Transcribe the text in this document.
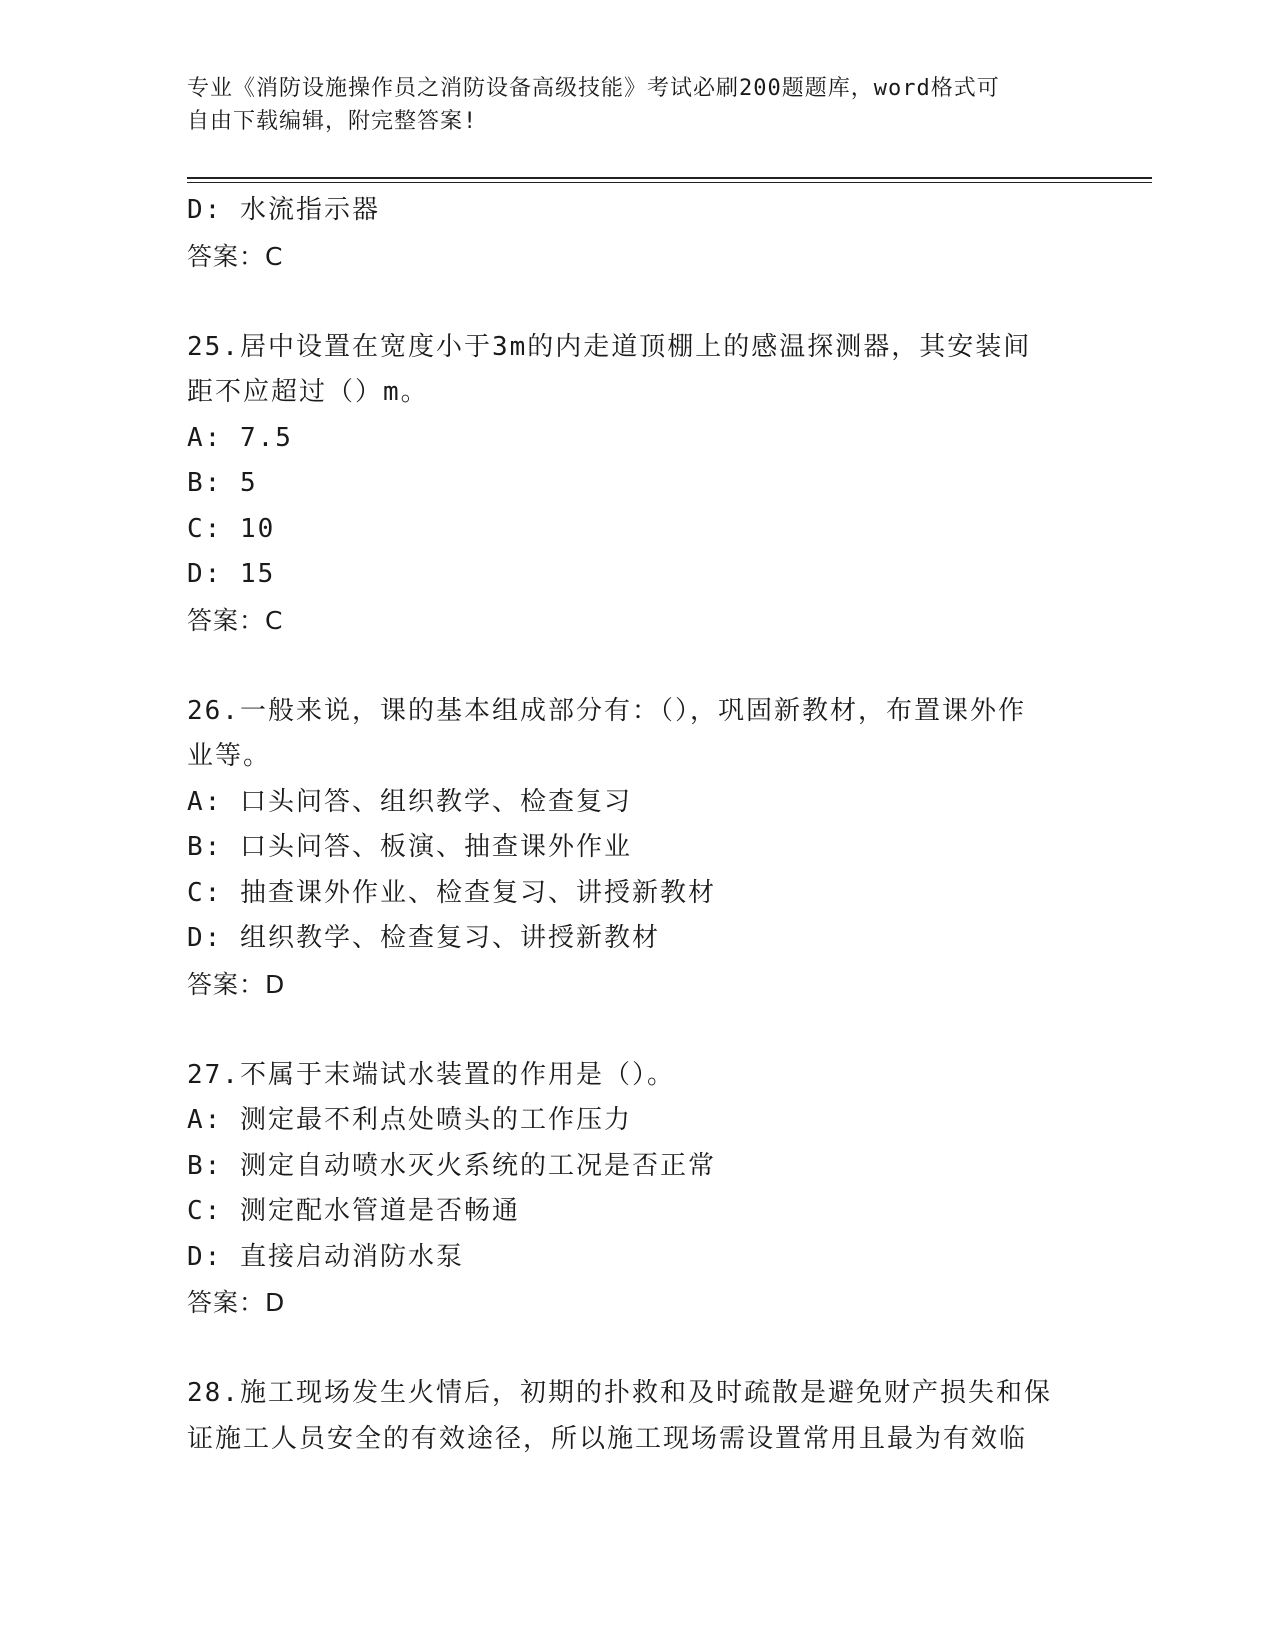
专业《消防设施操作员之消防设备高级技能》考试必刷200题题库，word格式可
自由下载编辑，附完整答案!
D: 水流指示器
答案：C
25.居中设置在宽度小于3m的内走道顶棚上的感温探测器，其安装间
距不应超过（）m。
A: 7.5
B: 5
C: 10
D: 15
答案：C
26.一般来说，课的基本组成部分有：（），巩固新教材，布置课外作
业等。
A: 口头问答、组织教学、检查复习
B: 口头问答、板演、抽查课外作业
C: 抽查课外作业、检查复习、讲授新教材
D: 组织教学、检查复习、讲授新教材
答案：D
27.不属于末端试水装置的作用是（）。
A: 测定最不利点处喷头的工作压力
B: 测定自动喷水灭火系统的工况是否正常
C: 测定配水管道是否畅通
D: 直接启动消防水泵
答案：D
28.施工现场发生火情后，初期的扑救和及时疏散是避免财产损失和保
证施工人员安全的有效途径，所以施工现场需设置常用且最为有效临
